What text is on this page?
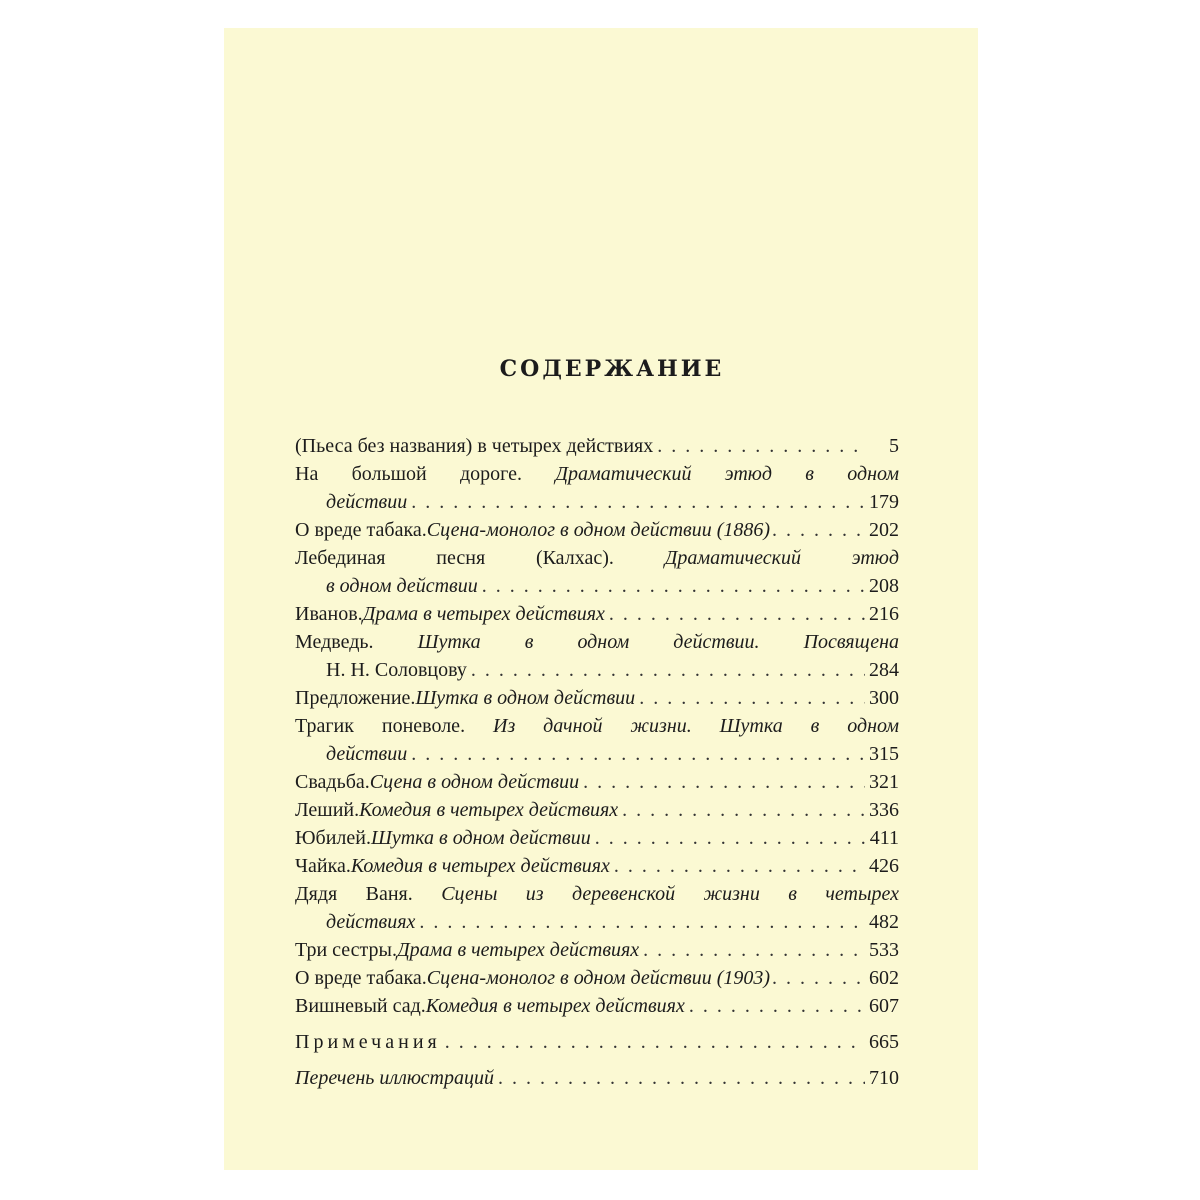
СОДЕРЖАНИЕ
(Пьеса без названия) в четырех действиях . . .	5
На большой дороге. Драматический этюд в одном
действии . . .	179
О вреде табака. Сцена-монолог в одном действии (1886) . . .	202
Лебединая песня (Калхас). Драматический этюд
в одном действии . . .	208
Иванов. Драма в четырех действиях . . .	216
Медведь. Шутка в одном действии. Посвящена
Н. Н. Соловцову . . .	284
Предложение. Шутка в одном действии . . .	300
Трагик поневоле. Из дачной жизни. Шутка в одном
действии . . .	315
Свадьба. Сцена в одном действии . . .	321
Леший. Комедия в четырех действиях . . .	336
Юбилей. Шутка в одном действии . . .	411
Чайка. Комедия в четырех действиях . . .	426
Дядя Ваня. Сцены из деревенской жизни в четырех
действиях . . .	482
Три сестры. Драма в четырех действиях . . .	533
О вреде табака. Сцена-монолог в одном действии (1903) . . .	602
Вишневый сад. Комедия в четырех действиях . . .	607
Примечания . . .	665
Перечень иллюстраций . . .	710
